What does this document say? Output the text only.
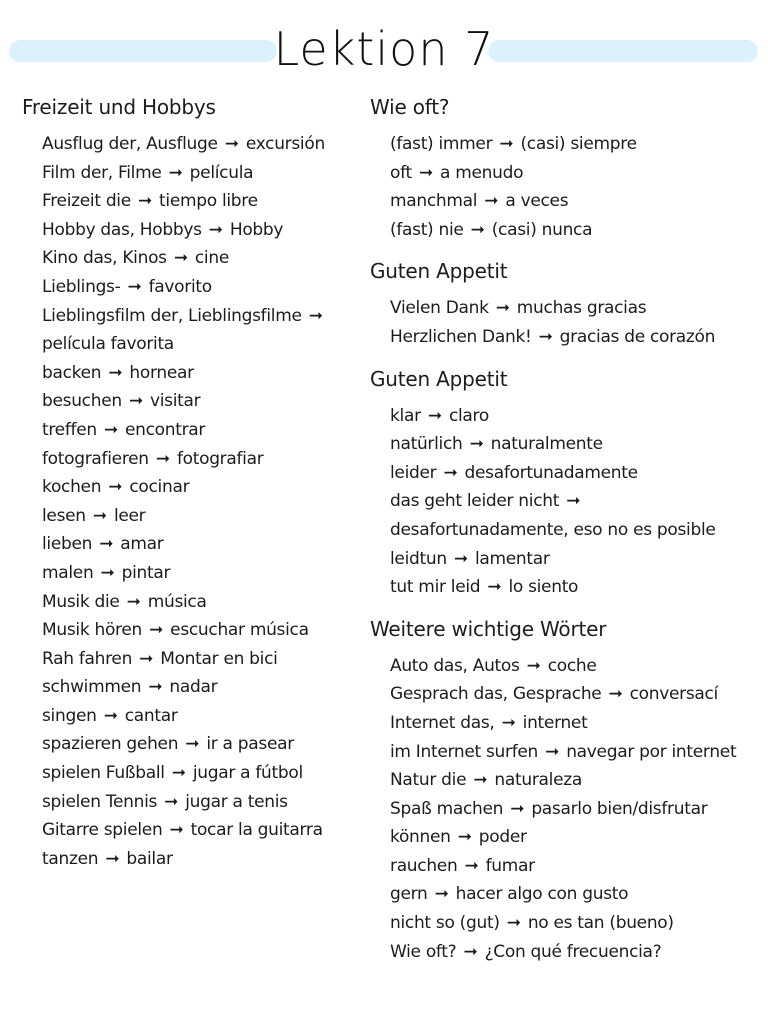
Lektion 7
Freizeit und Hobbys
Ausflug der, Ausfluge ➞ excursión
Film der, Filme ➞ película
Freizeit die ➞ tiempo libre
Hobby das, Hobbys ➞ Hobby
Kino das, Kinos ➞ cine
Lieblings- ➞ favorito
Lieblingsfilm der, Lieblingsfilme ➞ película favorita
backen ➞ hornear
besuchen ➞ visitar
treffen ➞ encontrar
fotografieren ➞ fotografiar
kochen ➞ cocinar
lesen ➞ leer
lieben ➞ amar
malen ➞ pintar
Musik die ➞ música
Musik hören ➞ escuchar música
Rah fahren ➞ Montar en bici
schwimmen ➞ nadar
singen ➞ cantar
spazieren gehen ➞ ir a pasear
spielen Fußball ➞ jugar a fútbol
spielen Tennis ➞ jugar a tenis
Gitarre spielen ➞ tocar la guitarra
tanzen ➞ bailar
Wie oft?
(fast) immer ➞ (casi) siempre
oft ➞ a menudo
manchmal ➞ a veces
(fast) nie ➞ (casi) nunca
Guten Appetit
Vielen Dank ➞ muchas gracias
Herzlichen Dank! ➞ gracias de corazón
Guten Appetit
klar ➞ claro
natürlich ➞ naturalmente
leider ➞ desafortunadamente
das geht leider nicht ➞ desafortunadamente, eso no es posible
leidtun ➞ lamentar
tut mir leid ➞ lo siento
Weitere wichtige Wörter
Auto das, Autos ➞ coche
Gesprach das, Gesprache ➞ conversací
Internet das, ➞ internet
im Internet surfen ➞ navegar por internet
Natur die ➞ naturaleza
Spaß machen ➞ pasarlo bien/disfrutar
können ➞ poder
rauchen ➞ fumar
gern ➞ hacer algo con gusto
nicht so (gut) ➞ no es tan (bueno)
Wie oft? ➞ ¿Con qué frecuencia?
